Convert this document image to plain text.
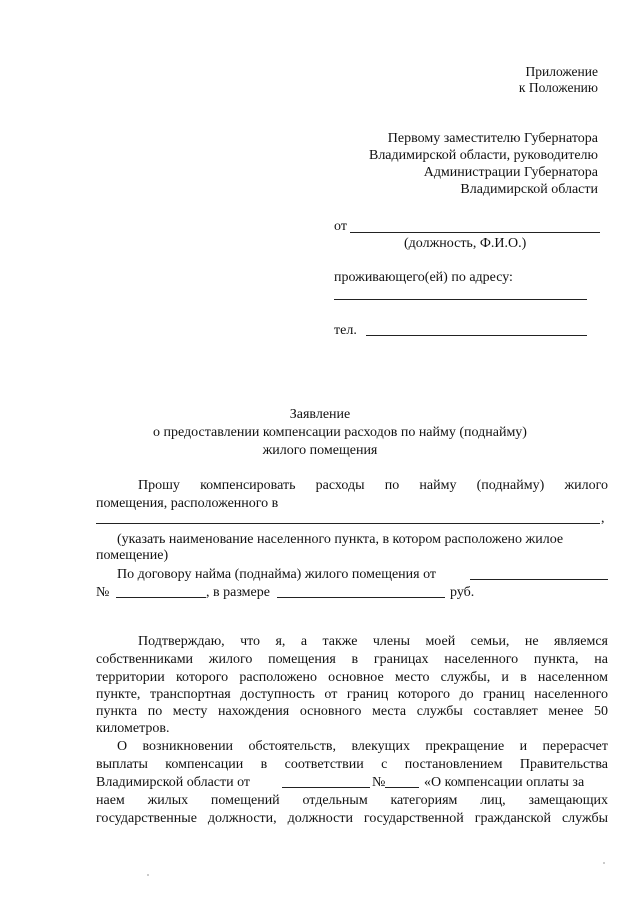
Приложение
к Положению
Первому заместителю Губернатора
Владимирской области, руководителю
Администрации Губернатора
Владимирской области
от
(должность, Ф.И.О.)
проживающего(ей) по адресу:
тел.
Заявление
о предоставлении компенсации расходов по найму (поднайму)
жилого помещения
Прошу компенсировать расходы по найму (поднайму) жилого
помещения, расположенного в
,
(указать наименование населенного пункта, в котором расположено жилое
помещение)
По договору найма (поднайма) жилого помещения от
№	, в размере	руб.
Подтверждаю, что я, а также члены моей семьи, не являемся
собственниками жилого помещения в границах населенного пункта, на
территории которого расположено основное место службы, и в населенном
пункте, транспортная доступность от границ которого до границ населенного
пункта по месту нахождения основного места службы составляет менее 50
километров.
О возникновении обстоятельств, влекущих прекращение и перерасчет
выплаты компенсации в соответствии с постановлением Правительства
Владимирской области от	№	«О компенсации оплаты за
наем жилых помещений отдельным категориям лиц, замещающих
государственные должности, должности государственной гражданской службы
